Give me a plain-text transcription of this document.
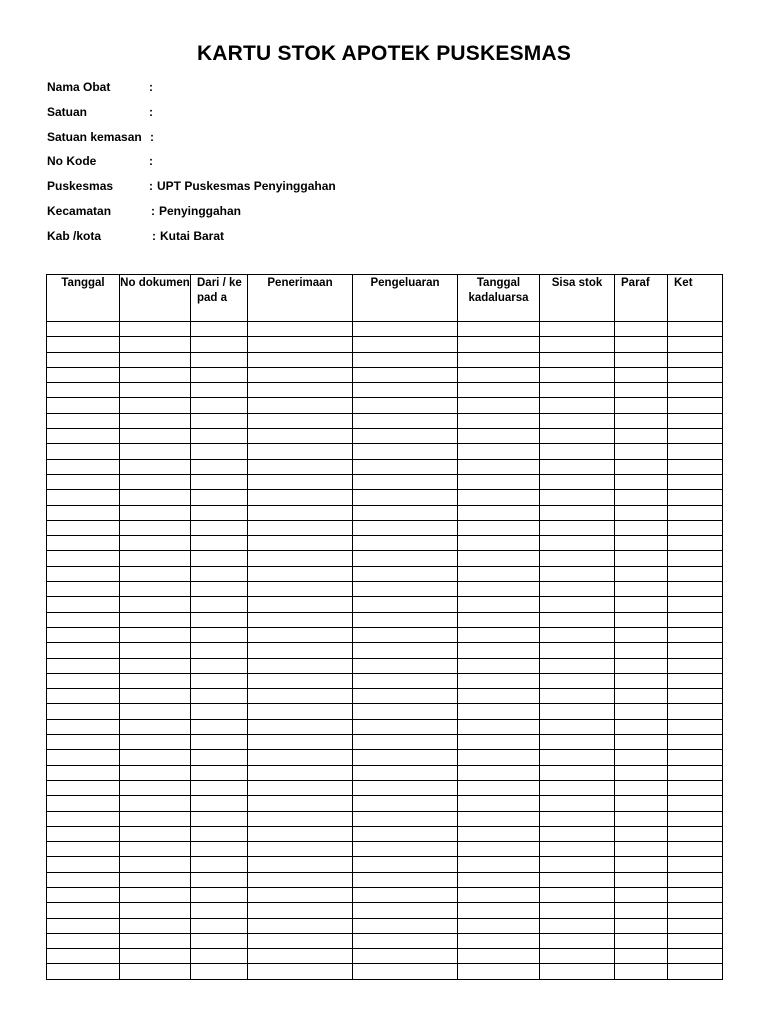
KARTU STOK APOTEK PUSKESMAS
Nama Obat	:
Satuan	:
Satuan kemasan :
No Kode	:
Puskesmas	: UPT Puskesmas Penyinggahan
Kecamatan	: Penyinggahan
Kab /kota	: Kutai Barat
Tanggal	No dokumen	Dari / kepad a	Penerimaan	Pengeluaran	Tanggal kadaluarsa	Sisa stok	Paraf	Ket
